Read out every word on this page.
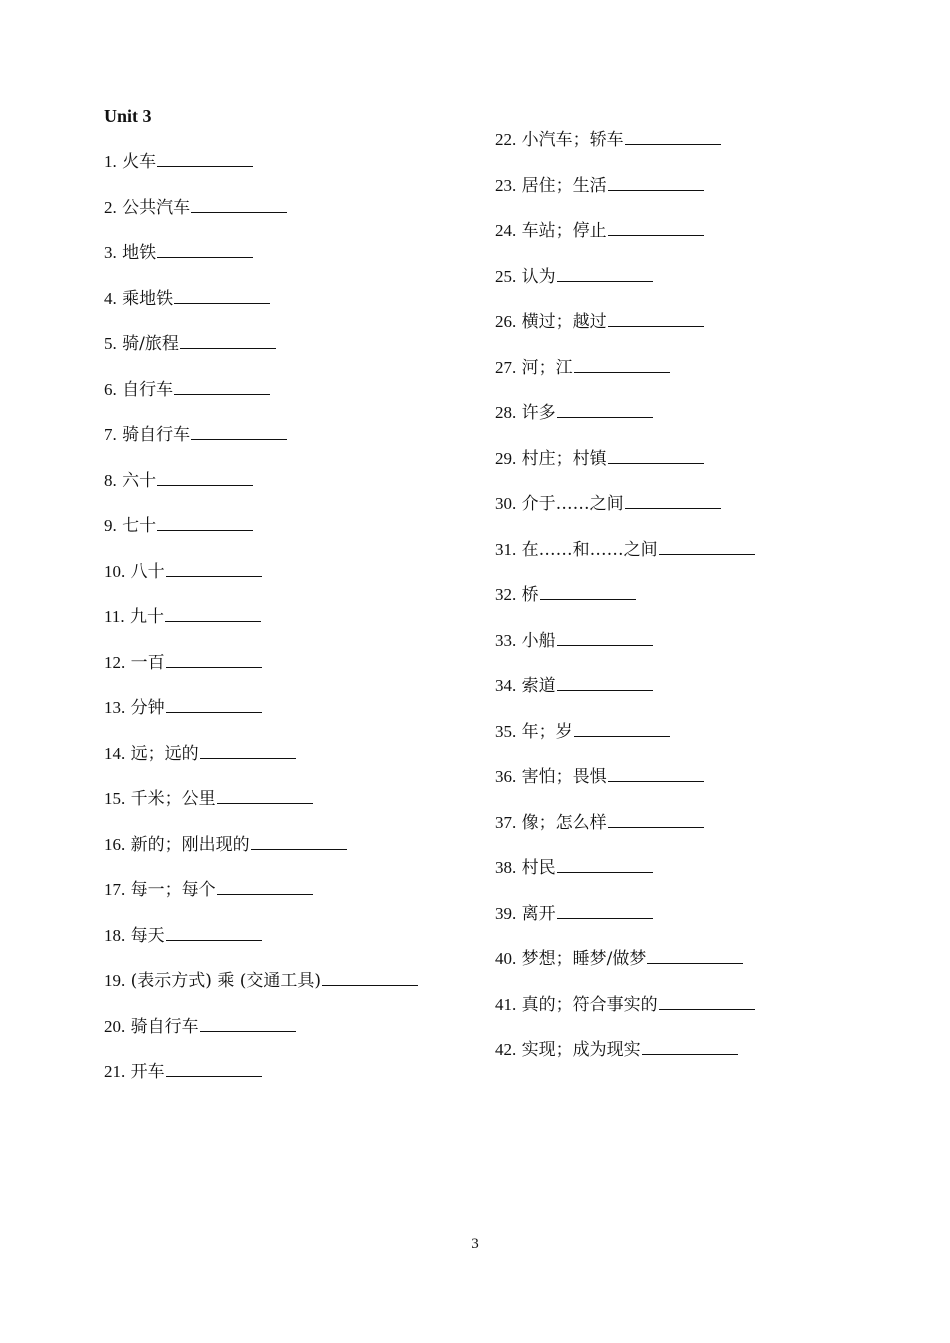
Unit 3
1. 火车
2. 公共汽车
3. 地铁
4. 乘地铁
5. 骑/旅程
6. 自行车
7. 骑自行车
8. 六十
9. 七十
10. 八十
11. 九十
12. 一百
13. 分钟
14. 远；远的
15. 千米；公里
16. 新的；刚出现的
17. 每一；每个
18. 每天
19. (表示方式) 乘 (交通工具)
20. 骑自行车
21. 开车
22. 小汽车；轿车
23. 居住；生活
24. 车站；停止
25. 认为
26. 横过；越过
27. 河；江
28. 许多
29. 村庄；村镇
30. 介于……之间
31. 在……和……之间
32. 桥
33. 小船
34. 索道
35. 年；岁
36. 害怕；畏惧
37. 像；怎么样
38. 村民
39. 离开
40. 梦想；睡梦/做梦
41. 真的；符合事实的
42. 实现；成为现实
3
